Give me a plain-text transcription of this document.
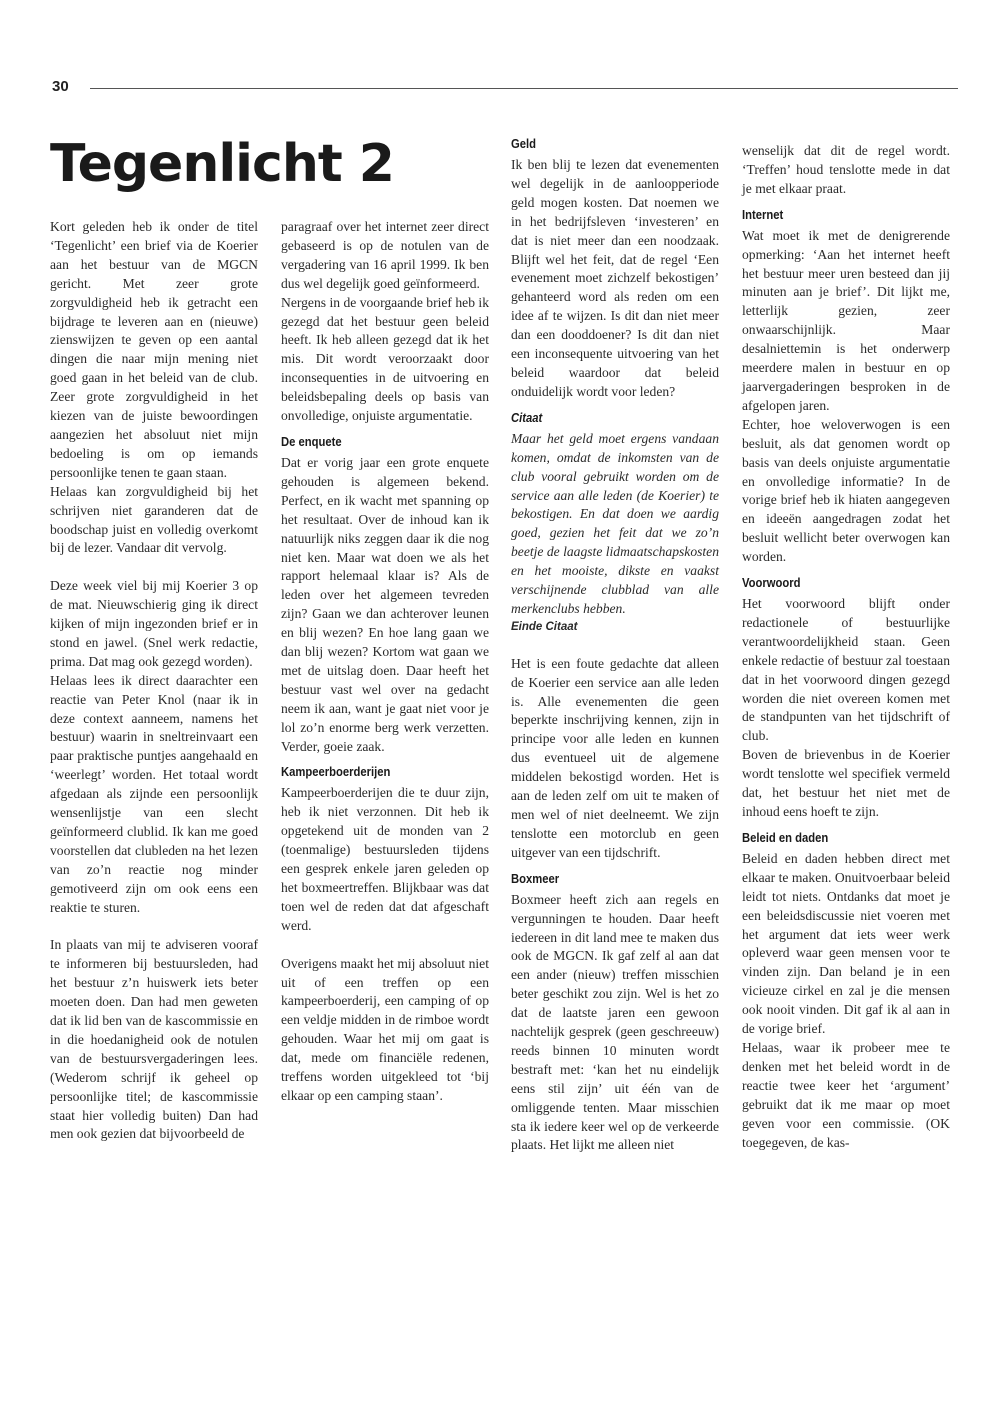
30
Tegenlicht 2

Kort geleden heb ik onder de titel ‘Tegenlicht’ een brief via de Koerier aan het bestuur van de MGCN gericht. Met zeer grote zorgvuldigheid heb ik getracht een bijdrage te leveren aan en (nieuwe) zienswijzen te geven op een aantal dingen die naar mijn mening niet goed gaan in het beleid van de club. Zeer grote zorgvuldigheid in het kiezen van de juiste bewoordingen aangezien het absoluut niet mijn bedoeling is om op iemands persoonlijke tenen te gaan staan.

Helaas kan zorgvuldigheid bij het schrijven niet garanderen dat de boodschap juist en volledig overkomt bij de lezer. Vandaar dit vervolg.

Deze week viel bij mij Koerier 3 op de mat. Nieuwschierig ging ik direct kijken of mijn ingezonden brief er in stond en jawel. (Snel werk redactie, prima. Dat mag ook gezegd worden).

Helaas lees ik direct daarachter een reactie van Peter Knol (naar ik in deze context aanneem, namens het bestuur) waarin in sneltreinvaart een paar praktische puntjes aangehaald en ‘weerlegt’ worden. Het totaal wordt afgedaan als zijnde een persoonlijk wensenlijstje van een slecht geïnformeerd clublid. Ik kan me goed voorstellen dat clubleden na het lezen van zo’n reactie nog minder gemotiveerd zijn om ook eens een reaktie te sturen.

In plaats van mij te adviseren vooraf te informeren bij bestuursleden, had het bestuur z’n huiswerk iets beter moeten doen. Dan had men geweten dat ik lid ben van de kascommissie en in die hoedanigheid ook de notulen van de bestuursvergaderingen lees. (Wederom schrijf ik geheel op persoonlijke titel; de kascommissie staat hier volledig buiten) Dan had men ook gezien dat bijvoorbeeld de

paragraaf over het internet zeer direct gebaseerd is op de notulen van de vergadering van 16 april 1999. Ik ben dus wel degelijk goed geïnformeerd.

Nergens in de voorgaande brief heb ik gezegd dat het bestuur geen beleid heeft. Ik heb alleen gezegd dat ik het mis. Dit wordt veroorzaakt door inconsequenties in de uitvoering en beleidsbepaling deels op basis van onvolledige, onjuiste argumentatie.

De enquete

Dat er vorig jaar een grote enquete gehouden is algemeen bekend. Perfect, en ik wacht met spanning op het resultaat. Over de inhoud kan ik natuurlijk niks zeggen daar ik die nog niet ken. Maar wat doen we als het rapport helemaal klaar is? Als de leden over het algemeen tevreden zijn? Gaan we dan achterover leunen en blij wezen? En hoe lang gaan we dan blij wezen? Kortom wat gaan we met de uitslag doen. Daar heeft het bestuur vast wel over na gedacht neem ik aan, want je gaat niet voor je lol zo’n enorme berg werk verzetten. Verder, goeie zaak.

Kampeerboerderijen

Kampeerboerderijen die te duur zijn, heb ik niet verzonnen. Dit heb ik opgetekend uit de monden van 2 (toenmalige) bestuursleden tijdens een gesprek enkele jaren geleden op het boxmeertreffen. Blijkbaar was dat toen wel de reden dat dat afgeschaft werd.

Overigens maakt het mij absoluut niet uit of een treffen op een kampeerboerderij, een camping of op een veldje midden in de rimboe wordt gehouden. Waar het mij om gaat is dat, mede om financiële redenen, treffens worden uitgekleed tot ‘bij elkaar op een camping staan’.

Geld

Ik ben blij te lezen dat evenementen wel degelijk in de aanloopperiode geld mogen kosten. Dat noemen we in het bedrijfsleven ‘investeren’ en dat is niet meer dan een noodzaak. Blijft wel het feit, dat de regel ‘Een evenement moet zichzelf bekostigen’ gehanteerd word als reden om een idee af te wijzen. Is dit dan niet meer dan een dooddoener? Is dit dan niet een inconsequente uitvoering van het beleid waardoor dat beleid onduidelijk wordt voor leden?

Citaat

Maar het geld moet ergens vandaan komen, omdat de inkomsten van de club vooral gebruikt worden om de service aan alle leden (de Koerier) te bekostigen. En dat doen we aardig goed, gezien het feit dat we zo’n beetje de laagste lidmaatschapskosten en het mooiste, dikste en vaakst verschijnende clubblad van alle merkenclubs hebben.

Einde Citaat

Het is een foute gedachte dat alleen de Koerier een service aan alle leden is. Alle evenementen die geen beperkte inschrijving kennen, zijn in principe voor alle leden en kunnen dus eventueel uit de algemene middelen bekostigd worden. Het is aan de leden zelf om uit te maken of men wel of niet deelneemt. We zijn tenslotte een motorclub en geen uitgever van een tijdschrift.

Boxmeer

Boxmeer heeft zich aan regels en vergunningen te houden. Daar heeft iedereen in dit land mee te maken dus ook de MGCN. Ik gaf zelf al aan dat een ander (nieuw) treffen misschien beter geschikt zou zijn. Wel is het zo dat de laatste jaren een gewoon nachtelijk gesprek (geen geschreeuw) reeds binnen 10 minuten wordt bestraft met: ‘kan het nu eindelijk eens stil zijn’ uit één van de omliggende tenten. Maar misschien sta ik iedere keer wel op de verkeerde plaats. Het lijkt me alleen niet

wenselijk dat dit de regel wordt. ‘Treffen’ houd tenslotte mede in dat je met elkaar praat.

Internet

Wat moet ik met de denigrerende opmerking: ‘Aan het internet heeft het bestuur meer uren besteed dan jij minuten aan je brief’. Dit lijkt me, letterlijk gezien, zeer onwaarschijnlijk. Maar desalniettemin is het onderwerp meerdere malen in bestuur en op jaarvergaderingen besproken in de afgelopen jaren.

Echter, hoe weloverwogen is een besluit, als dat genomen wordt op basis van deels onjuiste argumentatie en onvolledige informatie? In de vorige brief heb ik hiaten aangegeven en ideeën aangedragen zodat het besluit wellicht beter overwogen kan worden.

Voorwoord

Het voorwoord blijft onder redactionele of bestuurlijke verantwoordelijkheid staan. Geen enkele redactie of bestuur zal toestaan dat in het voorwoord dingen gezegd worden die niet overeen komen met de standpunten van het tijdschrift of club.

Boven de brievenbus in de Koerier wordt tenslotte wel specifiek vermeld dat, het bestuur het niet met de inhoud eens hoeft te zijn.

Beleid en daden

Beleid en daden hebben direct met elkaar te maken. Onuitvoerbaar beleid leidt tot niets. Ontdanks dat moet je een beleidsdiscussie niet voeren met het argument dat iets weer werk opleverd waar geen mensen voor te vinden zijn. Dan beland je in een vicieuze cirkel en zal je die mensen ook nooit vinden. Dit gaf ik al aan in de vorige brief.

Helaas, waar ik probeer mee te denken met het beleid wordt in de reactie twee keer het ‘argument’ gebruikt dat ik me maar op moet geven voor een commissie. (OK toegegeven, de kas-
